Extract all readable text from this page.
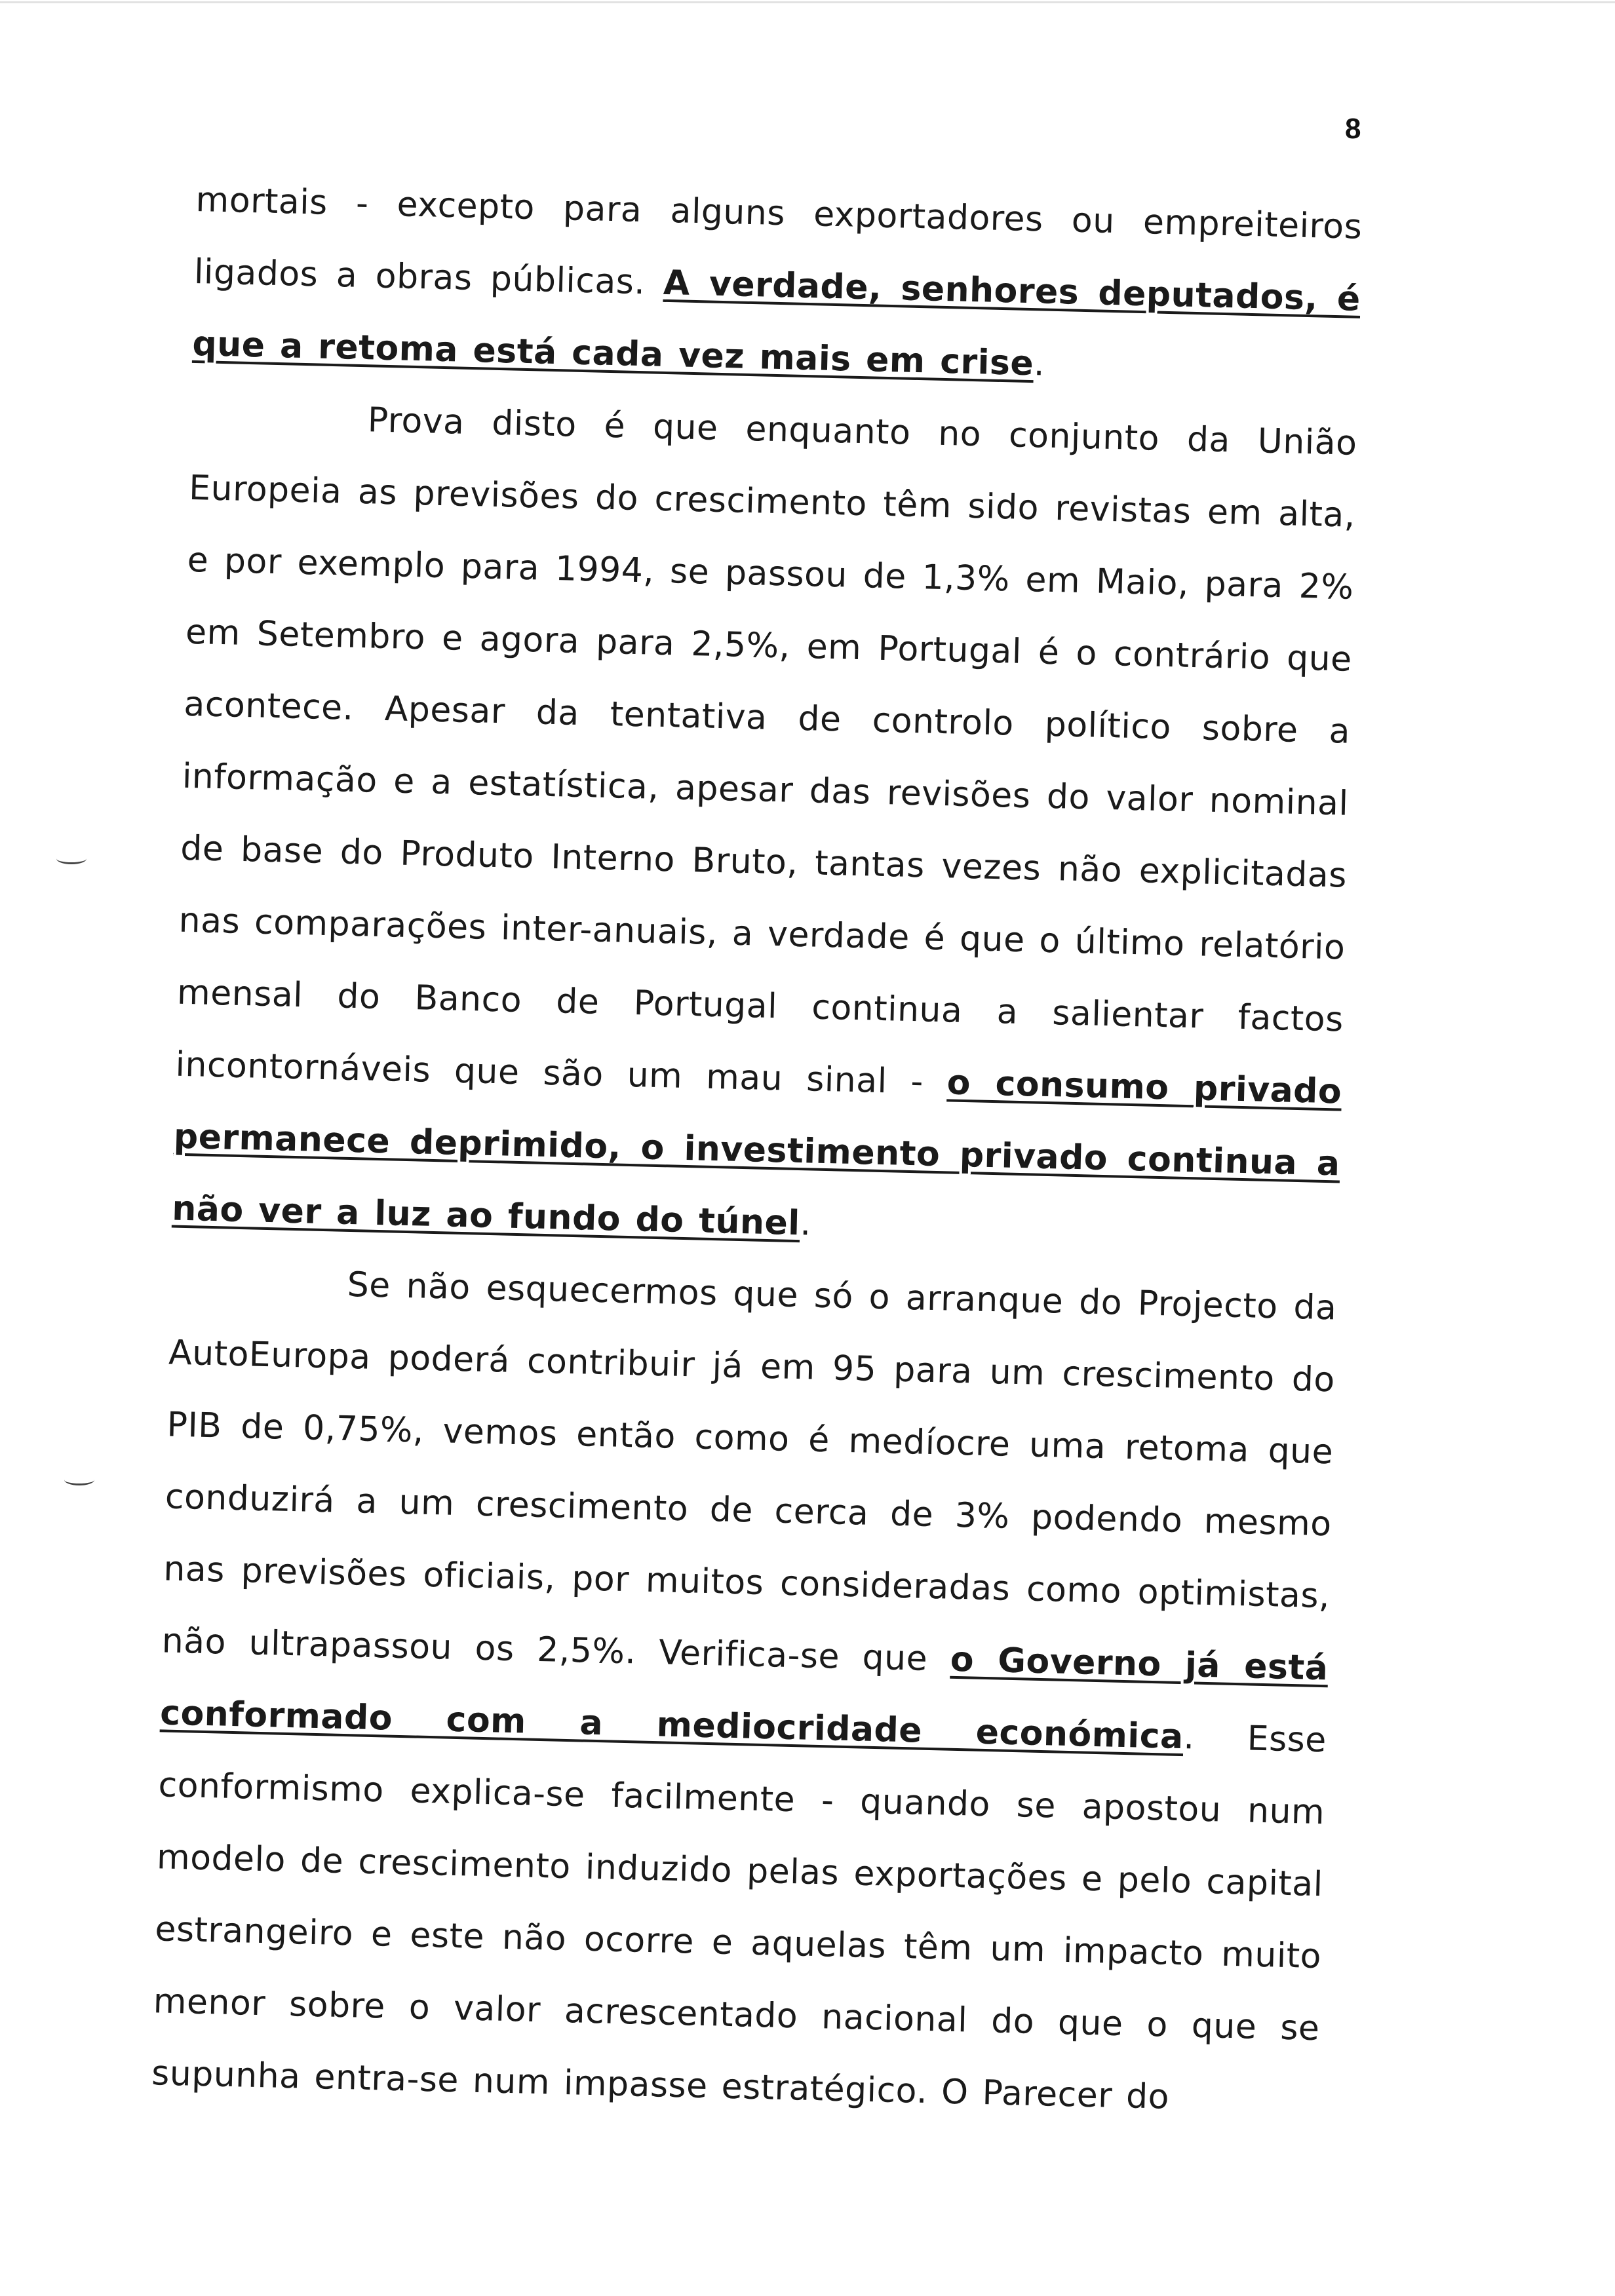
8

mortais - excepto para alguns exportadores ou empreiteiros ligados a obras públicas. A verdade, senhores deputados, é que a retoma está cada vez mais em crise.

Prova disto é que enquanto no conjunto da União Europeia as previsões do crescimento têm sido revistas em alta, e por exemplo para 1994, se passou de 1,3% em Maio, para 2% em Setembro e agora para 2,5%, em Portugal é o contrário que acontece. Apesar da tentativa de controlo político sobre a informação e a estatística, apesar das revisões do valor nominal de base do Produto Interno Bruto, tantas vezes não explicitadas nas comparações inter-anuais, a verdade é que o último relatório mensal do Banco de Portugal continua a salientar factos incontornáveis que são um mau sinal - o consumo privado permanece deprimido, o investimento privado continua a não ver a luz ao fundo do túnel.

Se não esquecermos que só o arranque do Projecto da AutoEuropa poderá contribuir já em 95 para um crescimento do PIB de 0,75%, vemos então como é medíocre uma retoma que conduzirá a um crescimento de cerca de 3% podendo mesmo nas previsões oficiais, por muitos consideradas como optimistas, não ultrapassou os 2,5%. Verifica-se que o Governo já está conformado com a mediocridade económica. Esse conformismo explica-se facilmente - quando se apostou num modelo de crescimento induzido pelas exportações e pelo capital estrangeiro e este não ocorre e aquelas têm um impacto muito menor sobre o valor acrescentado nacional do que o que se supunha entra-se num impasse estratégico. O Parecer do
